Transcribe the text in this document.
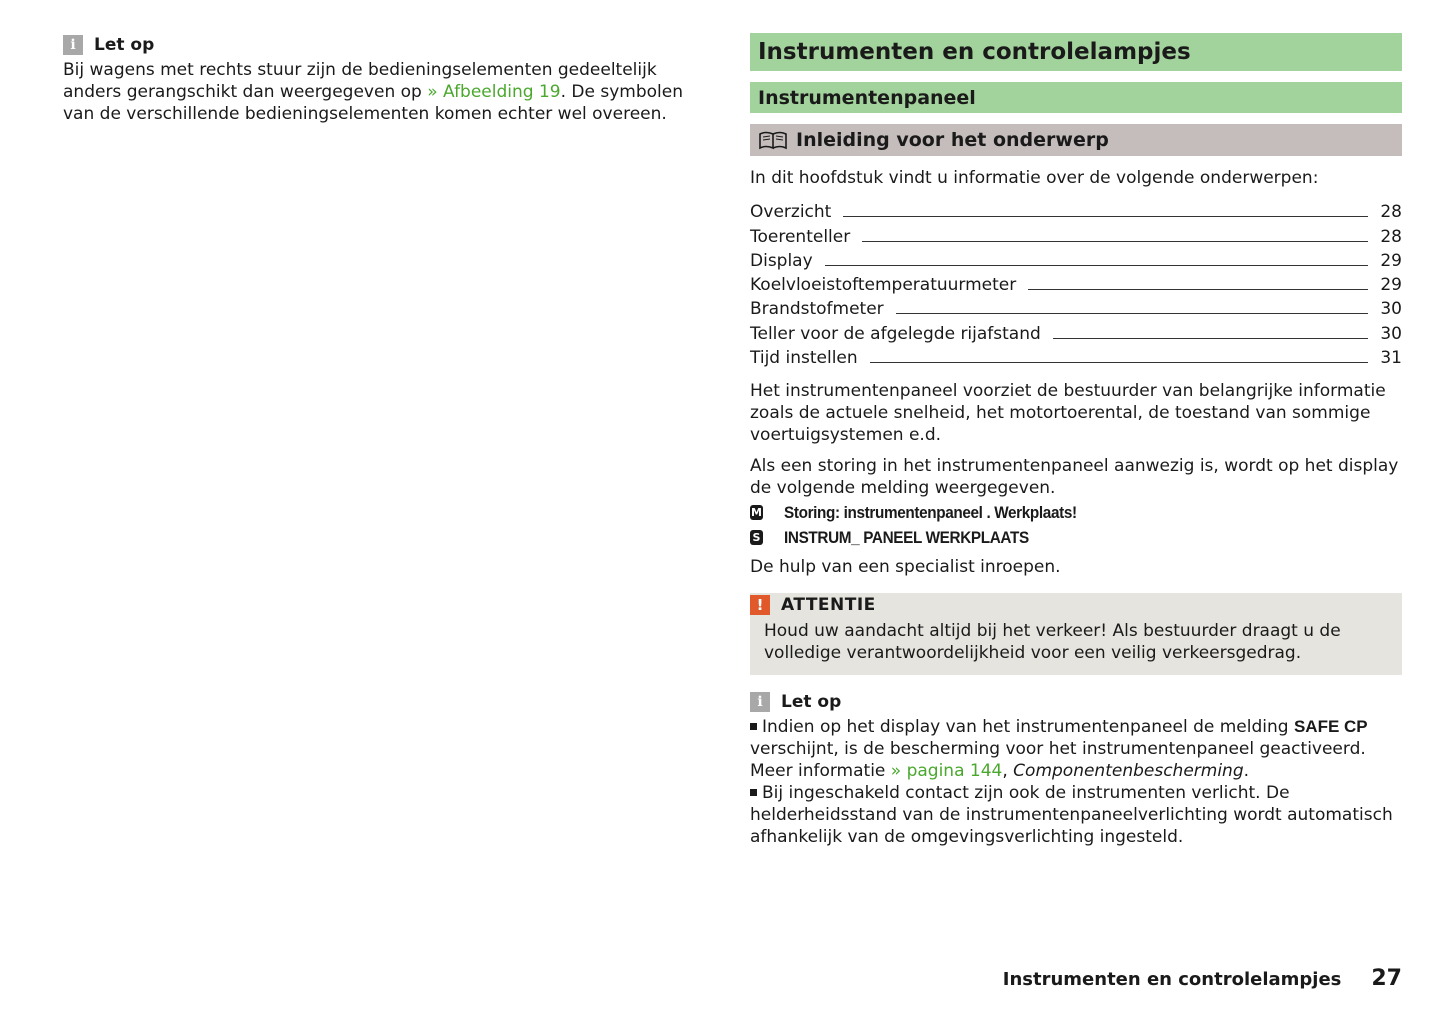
i	Let op
Bij wagens met rechts stuur zijn de bedieningselementen gedeeltelijk anders gerangschikt dan weergegeven op » Afbeelding 19. De symbolen van de verschillende bedieningselementen komen echter wel overeen.
Instrumenten en controlelampjes
Instrumentenpaneel
Inleiding voor het onderwerp
In dit hoofdstuk vindt u informatie over de volgende onderwerpen:
Overzicht	28
Toerenteller	28
Display	29
Koelvloeistoftemperatuurmeter	29
Brandstofmeter	30
Teller voor de afgelegde rijafstand	30
Tijd instellen	31
Het instrumentenpaneel voorziet de bestuurder van belangrijke informatie zoals de actuele snelheid, het motortoerental, de toestand van sommige voertuigsystemen e.d.
Als een storing in het instrumentenpaneel aanwezig is, wordt op het display de volgende melding weergegeven.
M Storing: instrumentenpaneel . Werkplaats!
S INSTRUM_ PANEEL WERKPLAATS
De hulp van een specialist inroepen.
!	ATTENTIE
Houd uw aandacht altijd bij het verkeer! Als bestuurder draagt u de volledige verantwoordelijkheid voor een veilig verkeersgedrag.
i	Let op
Indien op het display van het instrumentenpaneel de melding SAFE CP verschijnt, is de bescherming voor het instrumentenpaneel geactiveerd. Meer informatie » pagina 144, Componentenbescherming.
Bij ingeschakeld contact zijn ook de instrumenten verlicht. De helderheidsstand van de instrumentenpaneelverlichting wordt automatisch afhankelijk van de omgevingsverlichting ingesteld.
Instrumenten en controlelampjes 27
